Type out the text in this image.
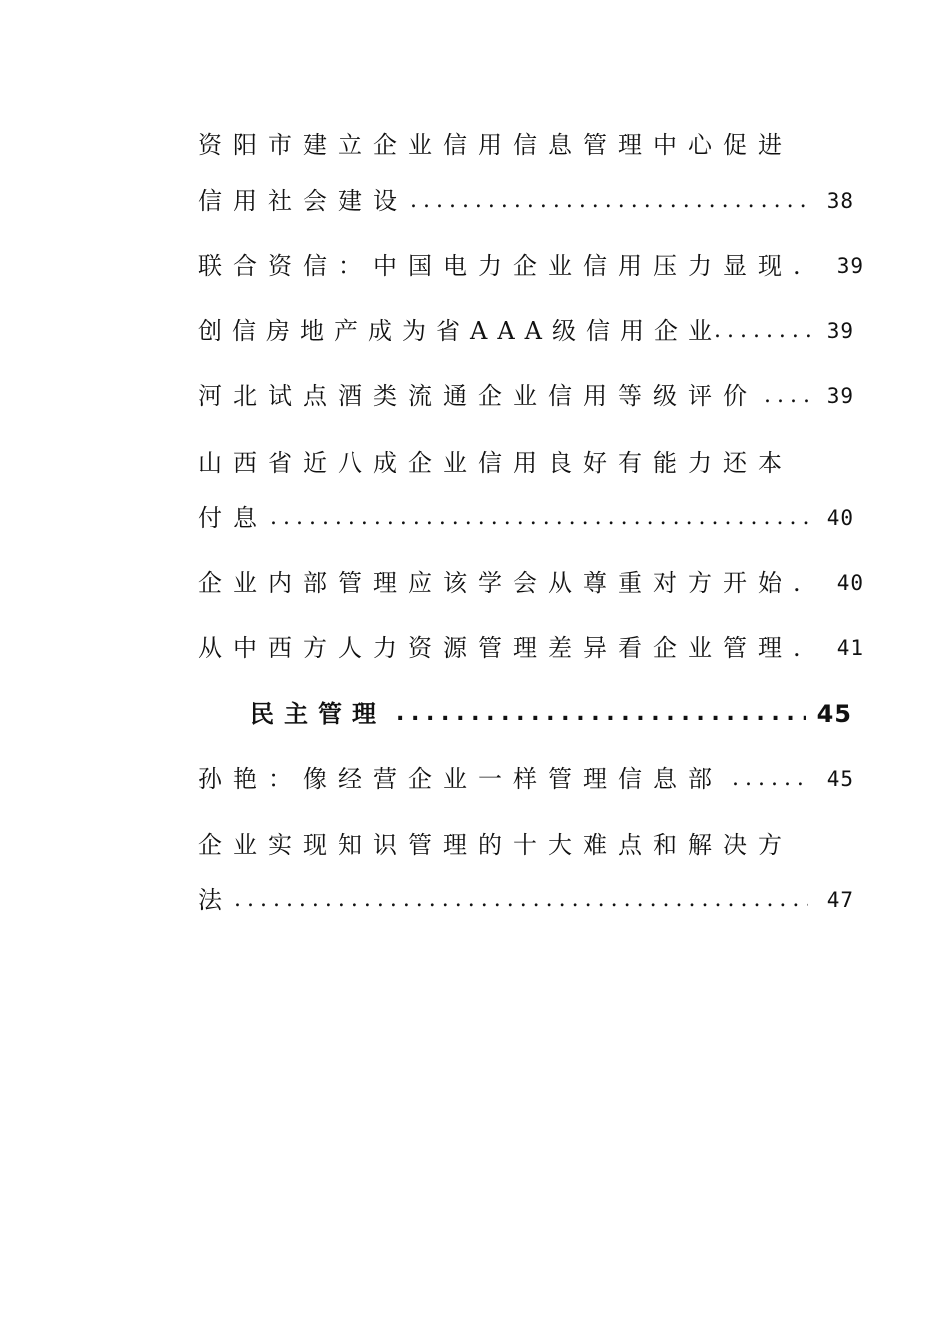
资阳市建立企业信用信息管理中心促进
信用社会建设 . . .	38
联合资信：中国电力企业信用压力显现. 39
创信房地产成为省AAA级信用企业 . . .	39
河北试点酒类流通企业信用等级评价 . . .	39
山西省近八成企业信用良好有能力还本
付息 . . .	40
企业内部管理应该学会从尊重对方开始. 40
从中西方人力资源管理差异看企业管理. 41
民主管理 . . .	45
孙艳：像经营企业一样管理信息部 . . .	45
企业实现知识管理的十大难点和解决方
法 . . .	47
